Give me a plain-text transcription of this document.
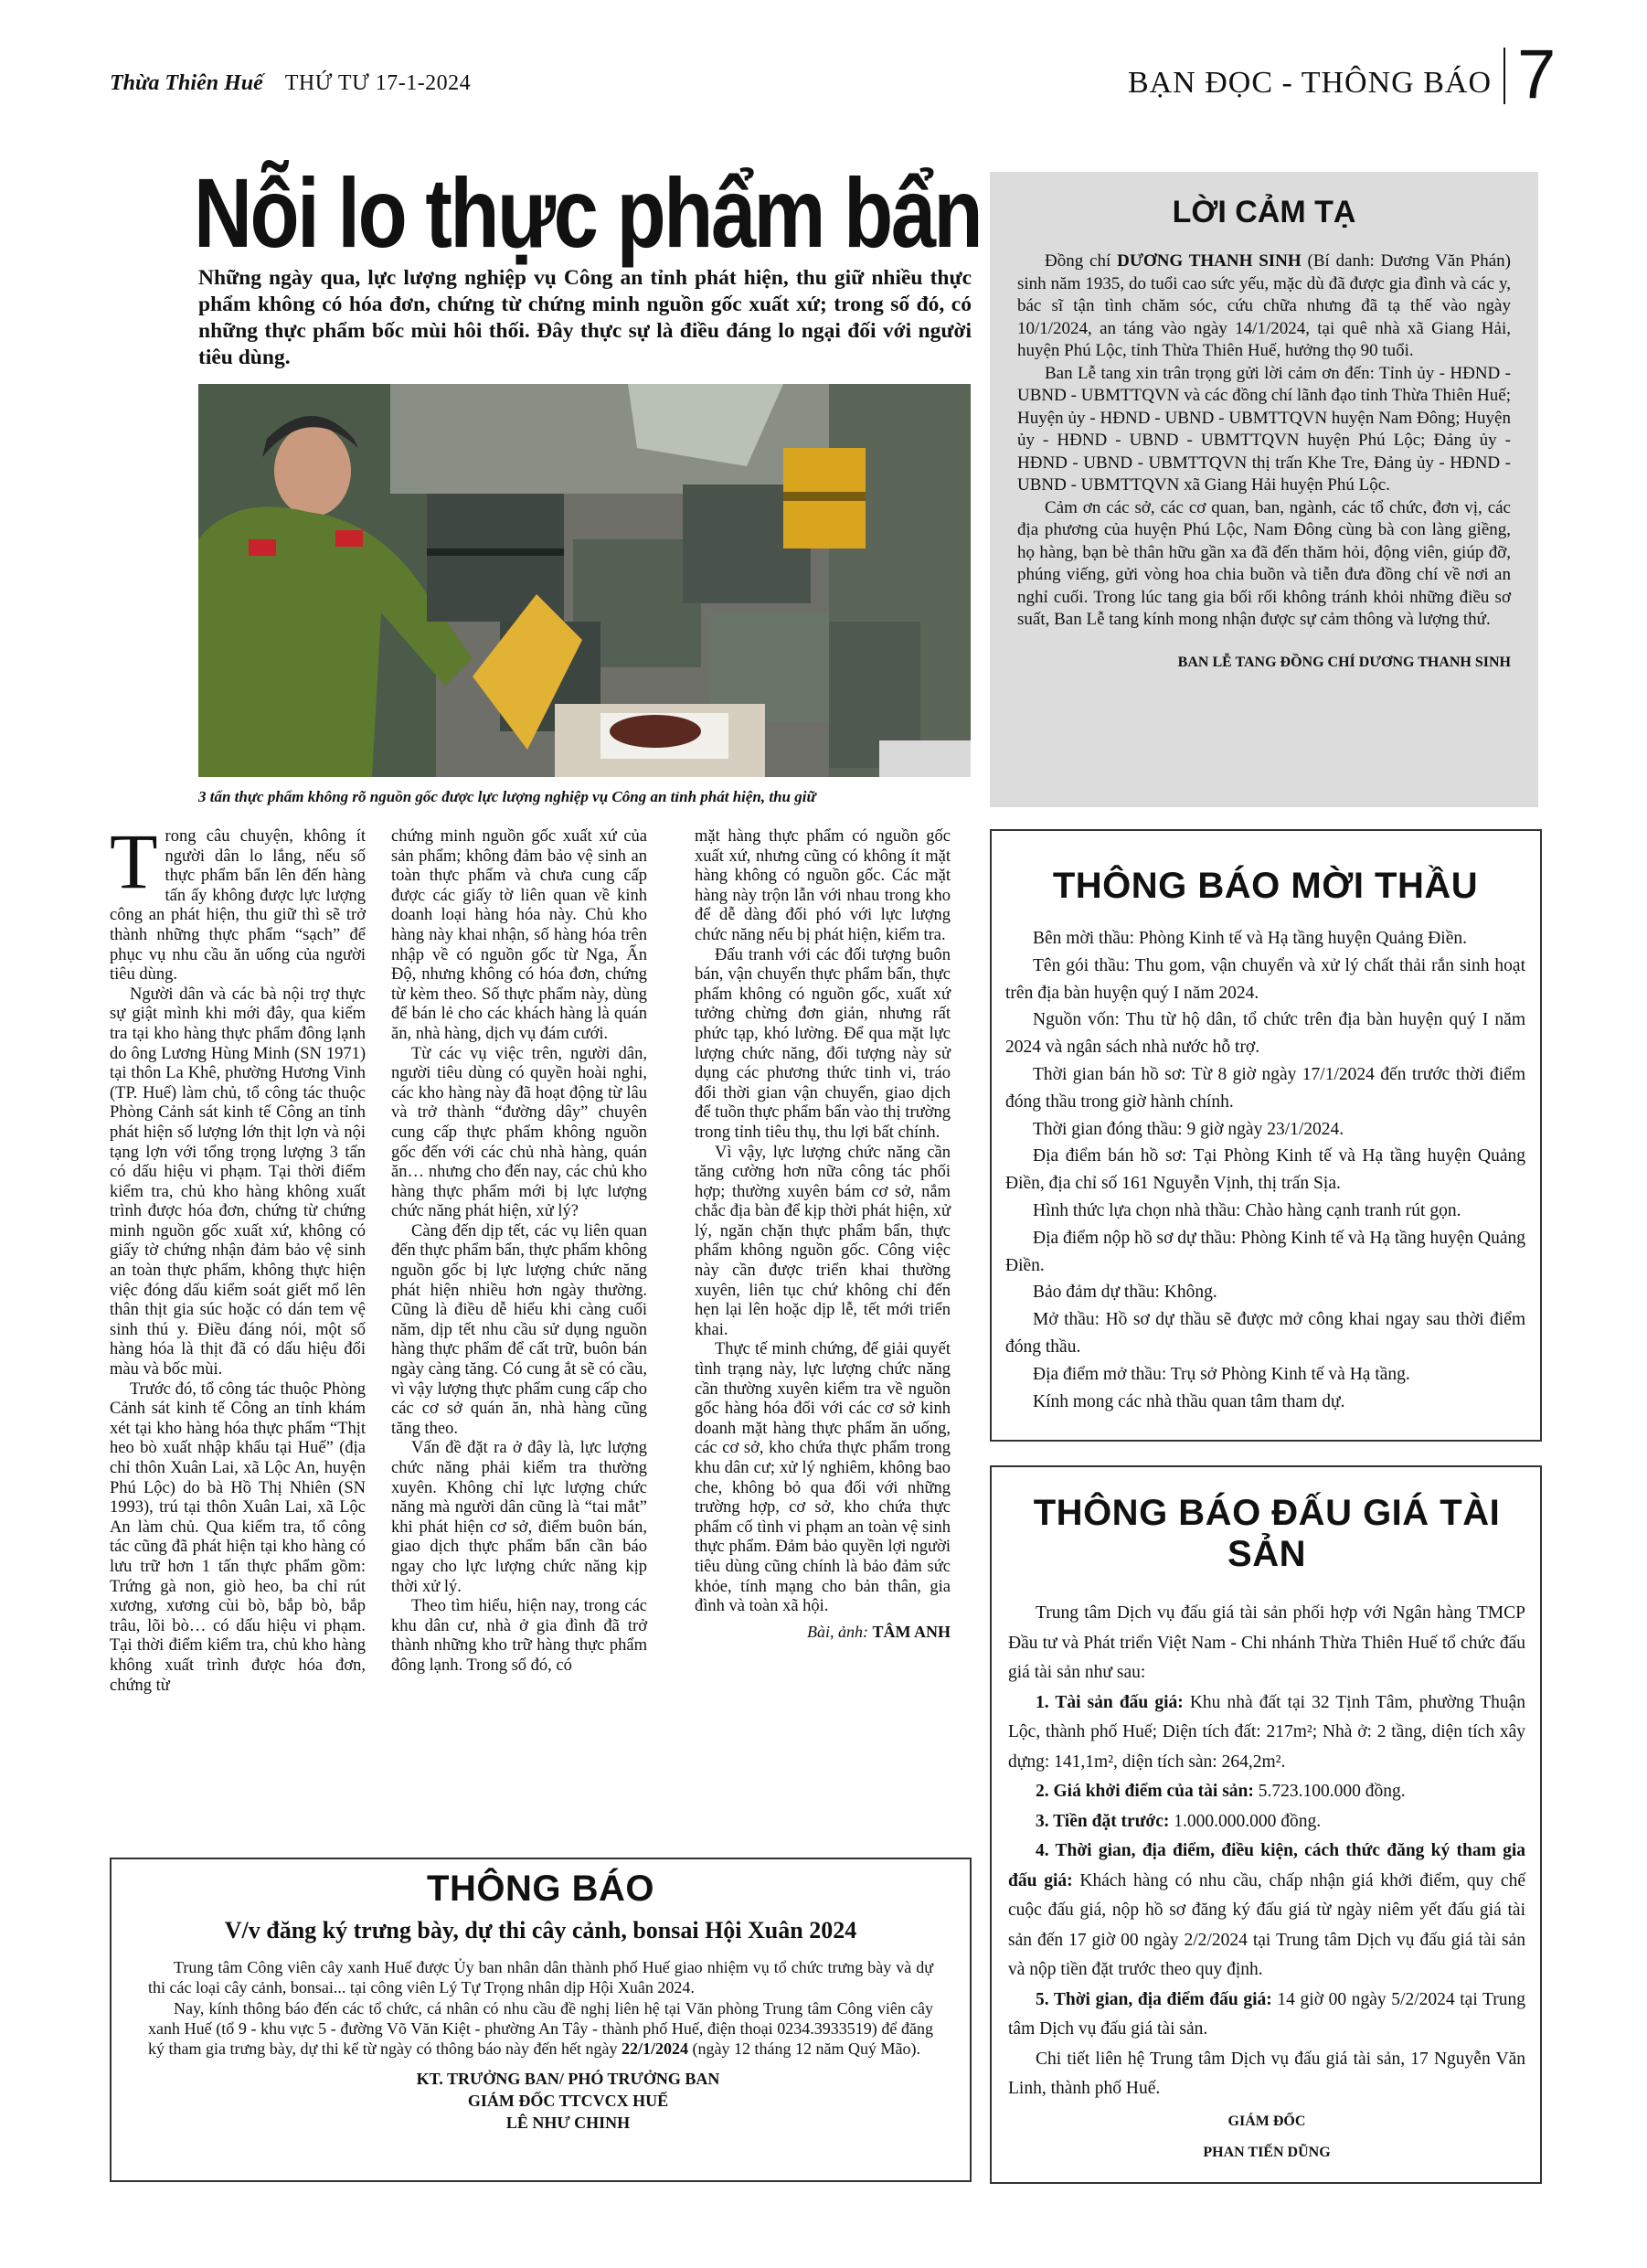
Thừa Thiên Huế THỨ TƯ 17-1-2024	BẠN ĐỌC - THÔNG BÁO 7
Nỗi lo thực phẩm bẩn
Những ngày qua, lực lượng nghiệp vụ Công an tỉnh phát hiện, thu giữ nhiều thực phẩm không có hóa đơn, chứng từ chứng minh nguồn gốc xuất xứ; trong số đó, có những thực phẩm bốc mùi hôi thối. Đây thực sự là điều đáng lo ngại đối với người tiêu dùng.
3 tấn thực phẩm không rõ nguồn gốc được lực lượng nghiệp vụ Công an tỉnh phát hiện, thu giữ

Trong câu chuyện, không ít người dân lo lắng, nếu số thực phẩm bẩn lên đến hàng tấn ấy không được lực lượng công an phát hiện, thu giữ thì sẽ trở thành những thực phẩm “sạch” để phục vụ nhu cầu ăn uống của người tiêu dùng.

Người dân và các bà nội trợ thực sự giật mình khi mới đây, qua kiểm tra tại kho hàng thực phẩm đông lạnh do ông Lương Hùng Minh (SN 1971) tại thôn La Khê, phường Hương Vinh (TP. Huế) làm chủ, tổ công tác thuộc Phòng Cảnh sát kinh tế Công an tỉnh phát hiện số lượng lớn thịt lợn và nội tạng lợn với tổng trọng lượng 3 tấn có dấu hiệu vi phạm. Tại thời điểm kiểm tra, chủ kho hàng không xuất trình được hóa đơn, chứng từ chứng minh nguồn gốc xuất xứ, không có giấy tờ chứng nhận đảm bảo vệ sinh an toàn thực phẩm, không thực hiện việc đóng dấu kiểm soát giết mổ lên thân thịt gia súc hoặc có dán tem vệ sinh thú y. Điều đáng nói, một số hàng hóa là thịt đã có dấu hiệu đổi màu và bốc mùi.

Trước đó, tổ công tác thuộc Phòng Cảnh sát kinh tế Công an tỉnh khám xét tại kho hàng hóa thực phẩm “Thịt heo bò xuất nhập khẩu tại Huế” (địa chỉ thôn Xuân Lai, xã Lộc An, huyện Phú Lộc) do bà Hồ Thị Nhiên (SN 1993), trú tại thôn Xuân Lai, xã Lộc An làm chủ. Qua kiểm tra, tổ công tác cũng đã phát hiện tại kho hàng có lưu trữ hơn 1 tấn thực phẩm gồm: Trứng gà non, giò heo, ba chỉ rút xương, xương cùi bò, bắp bò, bắp trâu, lõi bò… có dấu hiệu vi phạm. Tại thời điểm kiểm tra, chủ kho hàng không xuất trình được hóa đơn, chứng từ

chứng minh nguồn gốc xuất xứ của sản phẩm; không đảm bảo vệ sinh an toàn thực phẩm và chưa cung cấp được các giấy tờ liên quan về kinh doanh loại hàng hóa này. Chủ kho hàng này khai nhận, số hàng hóa trên nhập về có nguồn gốc từ Nga, Ấn Độ, nhưng không có hóa đơn, chứng từ kèm theo. Số thực phẩm này, dùng để bán lẻ cho các khách hàng là quán ăn, nhà hàng, dịch vụ đám cưới.

Từ các vụ việc trên, người dân, người tiêu dùng có quyền hoài nghi, các kho hàng này đã hoạt động từ lâu và trở thành “đường dây” chuyên cung cấp thực phẩm không nguồn gốc đến với các chủ nhà hàng, quán ăn… nhưng cho đến nay, các chủ kho hàng thực phẩm mới bị lực lượng chức năng phát hiện, xử lý?

Càng đến dịp tết, các vụ liên quan đến thực phẩm bẩn, thực phẩm không nguồn gốc bị lực lượng chức năng phát hiện nhiều hơn ngày thường. Cũng là điều dễ hiểu khi càng cuối năm, dịp tết nhu cầu sử dụng nguồn hàng thực phẩm để cất trữ, buôn bán ngày càng tăng. Có cung ắt sẽ có cầu, vì vậy lượng thực phẩm cung cấp cho các cơ sở quán ăn, nhà hàng cũng tăng theo.

Vấn đề đặt ra ở đây là, lực lượng chức năng phải kiểm tra thường xuyên. Không chỉ lực lượng chức năng mà người dân cũng là “tai mắt” khi phát hiện cơ sở, điểm buôn bán, giao dịch thực phẩm bẩn cần báo ngay cho lực lượng chức năng kịp thời xử lý.

Theo tìm hiểu, hiện nay, trong các khu dân cư, nhà ở gia đình đã trở thành những kho trữ hàng thực phẩm đông lạnh. Trong số đó, có

mặt hàng thực phẩm có nguồn gốc xuất xứ, nhưng cũng có không ít mặt hàng không có nguồn gốc. Các mặt hàng này trộn lẫn với nhau trong kho để dễ dàng đối phó với lực lượng chức năng nếu bị phát hiện, kiểm tra.

Đấu tranh với các đối tượng buôn bán, vận chuyển thực phẩm bẩn, thực phẩm không có nguồn gốc, xuất xứ tưởng chừng đơn giản, nhưng rất phức tạp, khó lường. Để qua mặt lực lượng chức năng, đối tượng này sử dụng các phương thức tinh vi, tráo đổi thời gian vận chuyển, giao dịch để tuồn thực phẩm bẩn vào thị trường trong tỉnh tiêu thụ, thu lợi bất chính.

Vì vậy, lực lượng chức năng cần tăng cường hơn nữa công tác phối hợp; thường xuyên bám cơ sở, nắm chắc địa bàn để kịp thời phát hiện, xử lý, ngăn chặn thực phẩm bẩn, thực phẩm không nguồn gốc. Công việc này cần được triển khai thường xuyên, liên tục chứ không chỉ đến hẹn lại lên hoặc dịp lễ, tết mới triển khai.

Thực tế minh chứng, để giải quyết tình trạng này, lực lượng chức năng cần thường xuyên kiểm tra về nguồn gốc hàng hóa đối với các cơ sở kinh doanh mặt hàng thực phẩm ăn uống, các cơ sở, kho chứa thực phẩm trong khu dân cư; xử lý nghiêm, không bao che, không bỏ qua đối với những trường hợp, cơ sở, kho chứa thực phẩm cố tình vi phạm an toàn vệ sinh thực phẩm. Đảm bảo quyền lợi người tiêu dùng cũng chính là bảo đảm sức khỏe, tính mạng cho bản thân, gia đình và toàn xã hội.

Bài, ảnh: TÂM ANH
LỜI CẢM TẠ

Đồng chí DƯƠNG THANH SINH (Bí danh: Dương Văn Phán) sinh năm 1935, do tuổi cao sức yếu, mặc dù đã được gia đình và các y, bác sĩ tận tình chăm sóc, cứu chữa nhưng đã tạ thế vào ngày 10/1/2024, an táng vào ngày 14/1/2024, tại quê nhà xã Giang Hải, huyện Phú Lộc, tỉnh Thừa Thiên Huế, hưởng thọ 90 tuổi.

Ban Lễ tang xin trân trọng gửi lời cảm ơn đến: Tỉnh ủy - HĐND - UBND - UBMTTQVN và các đồng chí lãnh đạo tỉnh Thừa Thiên Huế; Huyện ủy - HĐND - UBND - UBMTTQVN huyện Nam Đông; Huyện ủy - HĐND - UBND - UBMTTQVN huyện Phú Lộc; Đảng ủy - HĐND - UBND - UBMTTQVN thị trấn Khe Tre, Đảng ủy - HĐND - UBND - UBMTTQVN xã Giang Hải huyện Phú Lộc.

Cảm ơn các sở, các cơ quan, ban, ngành, các tổ chức, đơn vị, các địa phương của huyện Phú Lộc, Nam Đông cùng bà con làng giềng, họ hàng, bạn bè thân hữu gần xa đã đến thăm hỏi, động viên, giúp đỡ, phúng viếng, gửi vòng hoa chia buồn và tiễn đưa đồng chí về nơi an nghỉ cuối. Trong lúc tang gia bối rối không tránh khỏi những điều sơ suất, Ban Lễ tang kính mong nhận được sự cảm thông và lượng thứ.

BAN LỄ TANG ĐỒNG CHÍ DƯƠNG THANH SINH

THÔNG BÁO MỜI THẦU

Bên mời thầu: Phòng Kinh tế và Hạ tầng huyện Quảng Điền.

Tên gói thầu: Thu gom, vận chuyển và xử lý chất thải rắn sinh hoạt trên địa bàn huyện quý I năm 2024.

Nguồn vốn: Thu từ hộ dân, tổ chức trên địa bàn huyện quý I năm 2024 và ngân sách nhà nước hỗ trợ.

Thời gian bán hồ sơ: Từ 8 giờ ngày 17/1/2024 đến trước thời điểm đóng thầu trong giờ hành chính.

Thời gian đóng thầu: 9 giờ ngày 23/1/2024.

Địa điểm bán hồ sơ: Tại Phòng Kinh tế và Hạ tầng huyện Quảng Điền, địa chỉ số 161 Nguyễn Vịnh, thị trấn Sịa.

Hình thức lựa chọn nhà thầu: Chào hàng cạnh tranh rút gọn.

Địa điểm nộp hồ sơ dự thầu: Phòng Kinh tế và Hạ tầng huyện Quảng Điền.

Bảo đảm dự thầu: Không.

Mở thầu: Hồ sơ dự thầu sẽ được mở công khai ngay sau thời điểm đóng thầu.

Địa điểm mở thầu: Trụ sở Phòng Kinh tế và Hạ tầng.

Kính mong các nhà thầu quan tâm tham dự.

THÔNG BÁO ĐẤU GIÁ TÀI SẢN

Trung tâm Dịch vụ đấu giá tài sản phối hợp với Ngân hàng TMCP Đầu tư và Phát triển Việt Nam - Chi nhánh Thừa Thiên Huế tổ chức đấu giá tài sản như sau:

1. Tài sản đấu giá: Khu nhà đất tại 32 Tịnh Tâm, phường Thuận Lộc, thành phố Huế; Diện tích đất: 217m²; Nhà ở: 2 tầng, diện tích xây dựng: 141,1m², diện tích sàn: 264,2m².

2. Giá khởi điểm của tài sản: 5.723.100.000 đồng.

3. Tiền đặt trước: 1.000.000.000 đồng.

4. Thời gian, địa điểm, điều kiện, cách thức đăng ký tham gia đấu giá: Khách hàng có nhu cầu, chấp nhận giá khởi điểm, quy chế cuộc đấu giá, nộp hồ sơ đăng ký đấu giá từ ngày niêm yết đấu giá tài sản đến 17 giờ 00 ngày 2/2/2024 tại Trung tâm Dịch vụ đấu giá tài sản và nộp tiền đặt trước theo quy định.

5. Thời gian, địa điểm đấu giá: 14 giờ 00 ngày 5/2/2024 tại Trung tâm Dịch vụ đấu giá tài sản.

Chi tiết liên hệ Trung tâm Dịch vụ đấu giá tài sản, 17 Nguyễn Văn Linh, thành phố Huế.

GIÁM ĐỐC

PHAN TIẾN DŨNG

THÔNG BÁO
V/v đăng ký trưng bày, dự thi cây cảnh, bonsai Hội Xuân 2024

Trung tâm Công viên cây xanh Huế được Ủy ban nhân dân thành phố Huế giao nhiệm vụ tổ chức trưng bày và dự thi các loại cây cảnh, bonsai... tại công viên Lý Tự Trọng nhân dịp Hội Xuân 2024.

Nay, kính thông báo đến các tổ chức, cá nhân có nhu cầu đề nghị liên hệ tại Văn phòng Trung tâm Công viên cây xanh Huế (tổ 9 - khu vực 5 - đường Võ Văn Kiệt - phường An Tây - thành phố Huế, điện thoại 0234.3933519) để đăng ký tham gia trưng bày, dự thi kể từ ngày có thông báo này đến hết ngày 22/1/2024 (ngày 12 tháng 12 năm Quý Mão).

KT. TRƯỞNG BAN/ PHÓ TRƯỞNG BAN
GIÁM ĐỐC TTCVCX HUẾ
LÊ NHƯ CHINH
